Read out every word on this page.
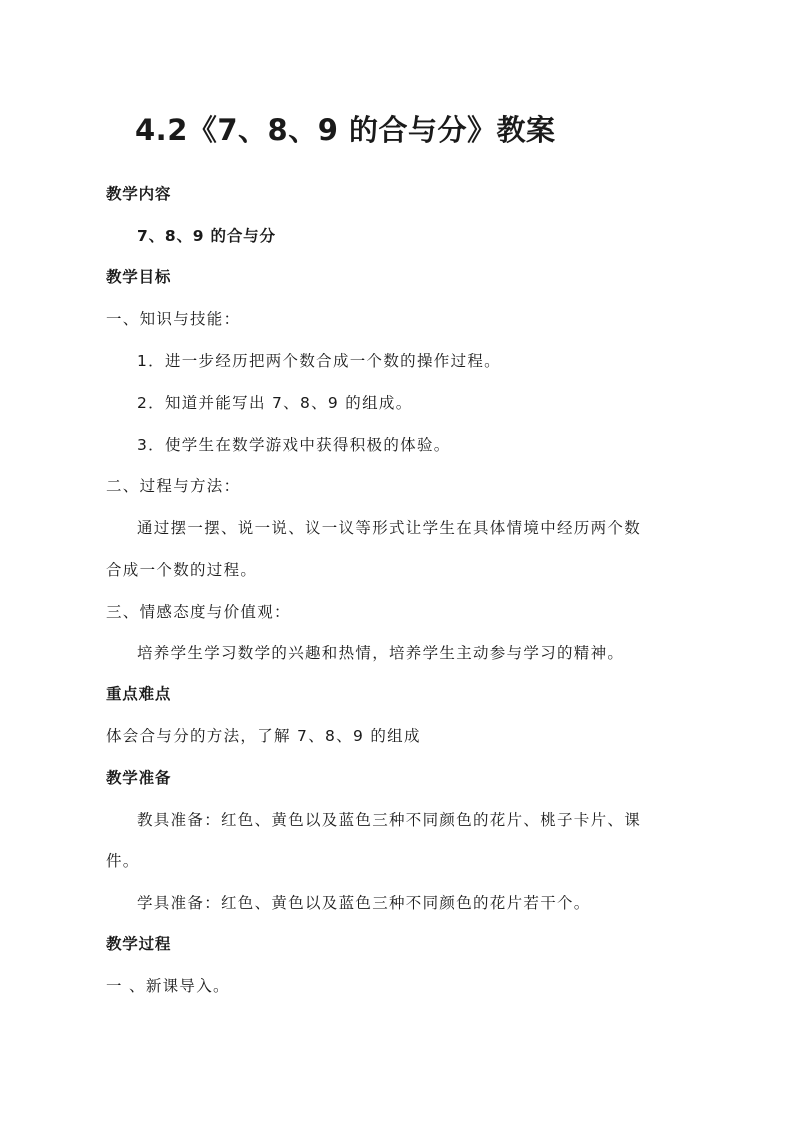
4.2《7、8、9 的合与分》教案

教学内容

7、8、9 的合与分

教学目标

一、知识与技能：

1．进一步经历把两个数合成一个数的操作过程。

2．知道并能写出 7、8、9 的组成。

3．使学生在数学游戏中获得积极的体验。

二、过程与方法：

通过摆一摆、说一说、议一议等形式让学生在具体情境中经历两个数

合成一个数的过程。

三、情感态度与价值观：

培养学生学习数学的兴趣和热情，培养学生主动参与学习的精神。

重点难点

体会合与分的方法，了解 7、8、9 的组成

教学准备

教具准备：红色、黄色以及蓝色三种不同颜色的花片、桃子卡片、课

件。

学具准备：红色、黄色以及蓝色三种不同颜色的花片若干个。

教学过程

一 、新课导入。
